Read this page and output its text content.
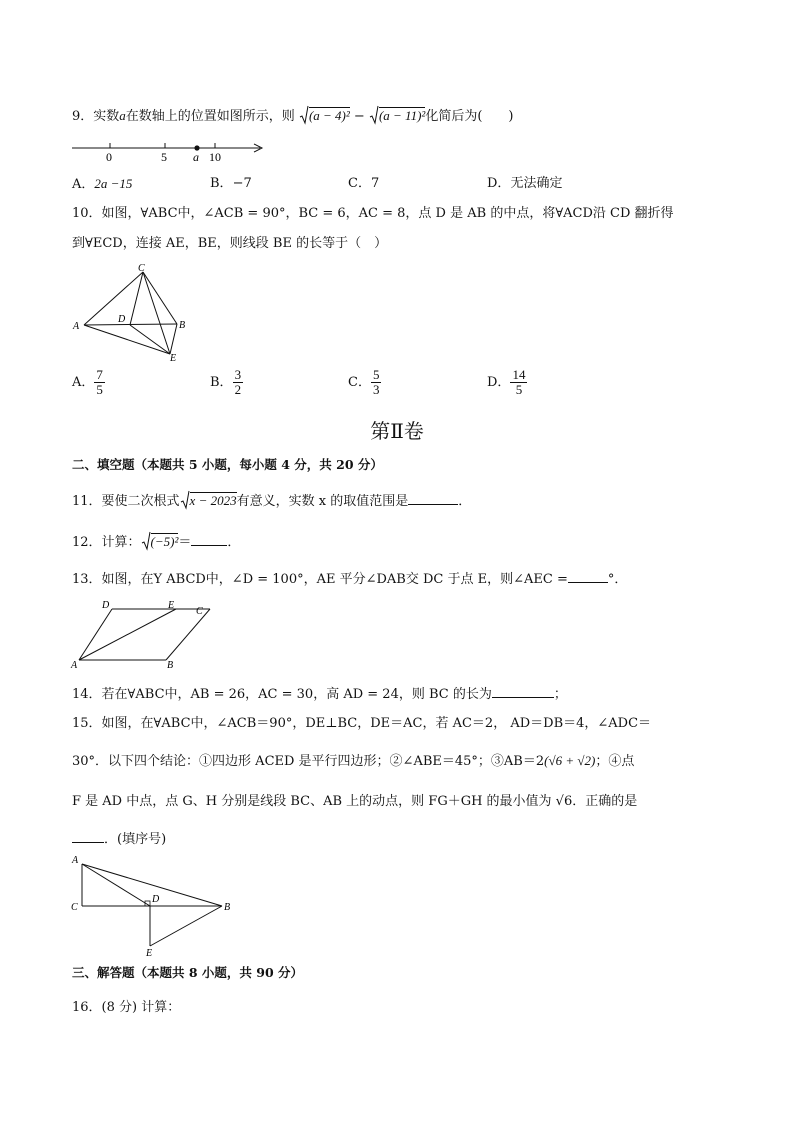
9．实数a在数轴上的位置如图所示，则 (a − 4)² −
(a − 11)²化简后为(　　)
0	5 a 10
A．2a −15	B．−7	C．7	D．无法确定
10．如图，∀ABC中，∠ACB = 90°，BC = 6，AC = 8，点 D 是 AB 的中点，将∀ACD沿 CD 翻折得
到∀ECD，连接 AE，BE，则线段 BE 的长等于（　）
C
D
A	B
E
A． $\frac{7}{5}$	B． $\frac{3}{2}$	C． $\frac{5}{3}$	D． $\frac{14}{5}$
第Ⅱ卷
二、填空题（本题共 5 小题，每小题 4 分，共 20 分）
11．要使二次根式 x − 2023有意义，实数 x 的取值范围是	．
12．计算： (−5)²＝	．
13．如图，在Y ABCD中，∠D = 100°，AE 平分∠DAB交 DC 于点 E，则∠AEC =	°．
D	E
C
A	B
14．若在∀ABC中，AB = 26，AC = 30，高 AD = 24，则 BC 的长为	；
15．如图，在∀ABC中，∠ACB＝90°，DE⊥BC，DE＝AC，若 AC＝2， AD＝DB＝4，∠ADC＝
30°．以下四个结论：①四边形 ACED 是平行四边形；②∠ABE＝45°；③AB＝2(√6 + √2)；④点
F 是 AD 中点，点 G、H 分别是线段 BC、AB 上的动点，则 FG＋GH 的最小值为 √6．正确的是
．(填序号)
A
D
C	B
E
三、解答题（本题共 8 小题，共 90 分）
16．(8 分) 计算：
